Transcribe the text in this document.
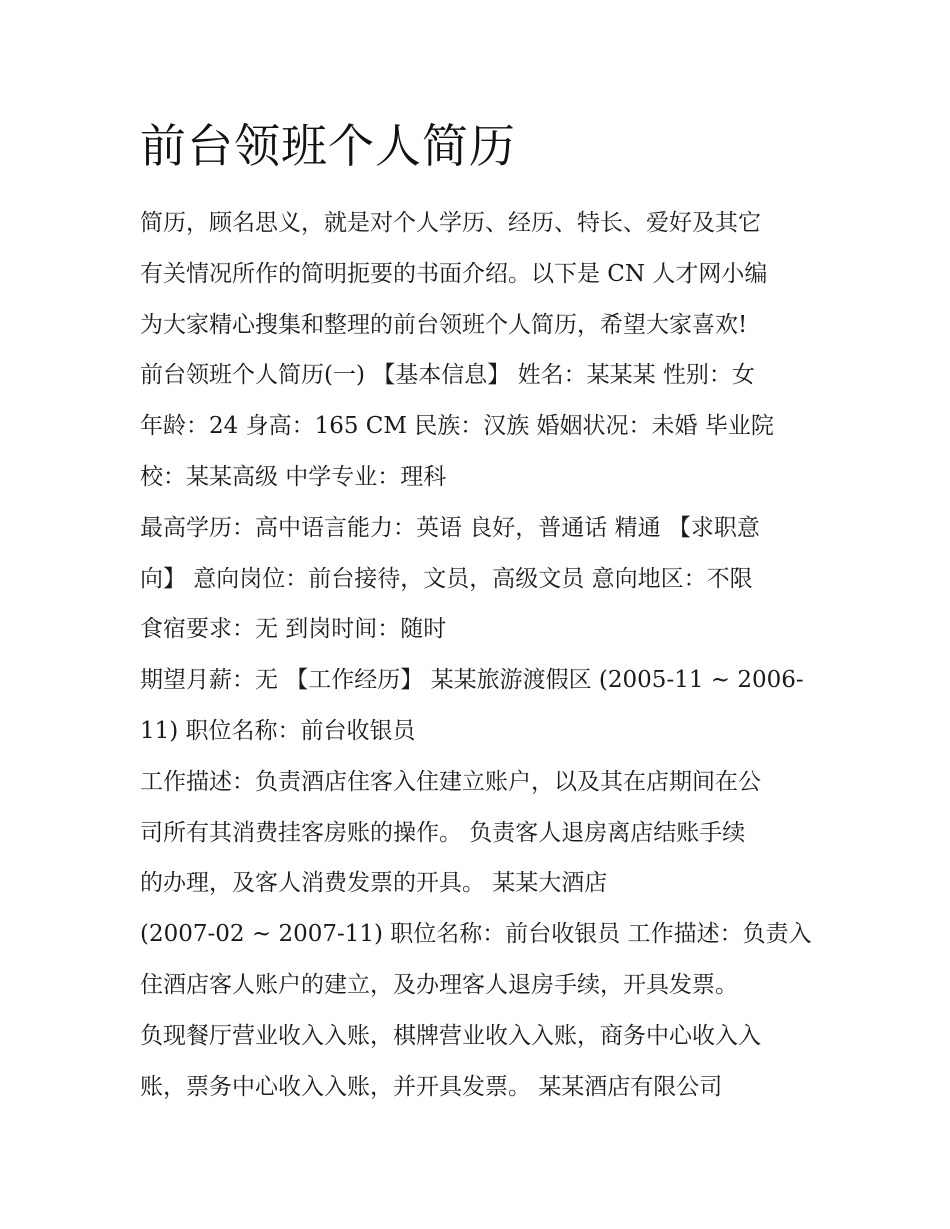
前台领班个人简历

简历，顾名思义，就是对个人学历、经历、特长、爱好及其它

有关情况所作的简明扼要的书面介绍。以下是 CN 人才网小编

为大家精心搜集和整理的前台领班个人简历，希望大家喜欢!

前台领班个人简历(一) 【基本信息】 姓名：某某某 性别：女

年龄：24 身高：165 CM 民族：汉族 婚姻状况：未婚 毕业院

校：某某高级 中学专业：理科

最高学历：高中语言能力：英语 良好，普通话 精通 【求职意

向】 意向岗位：前台接待，文员，高级文员 意向地区：不限

食宿要求：无 到岗时间：随时

期望月薪：无 【工作经历】 某某旅游渡假区 (2005-11 ~ 2006-

11) 职位名称：前台收银员

工作描述：负责酒店住客入住建立账户，以及其在店期间在公

司所有其消费挂客房账的操作。 负责客人退房离店结账手续

的办理，及客人消费发票的开具。 某某大酒店

(2007-02 ~ 2007-11) 职位名称：前台收银员 工作描述：负责入

住酒店客人账户的建立，及办理客人退房手续，开具发票。

负现餐厅营业收入入账，棋牌营业收入入账，商务中心收入入

账，票务中心收入入账，并开具发票。 某某酒店有限公司
